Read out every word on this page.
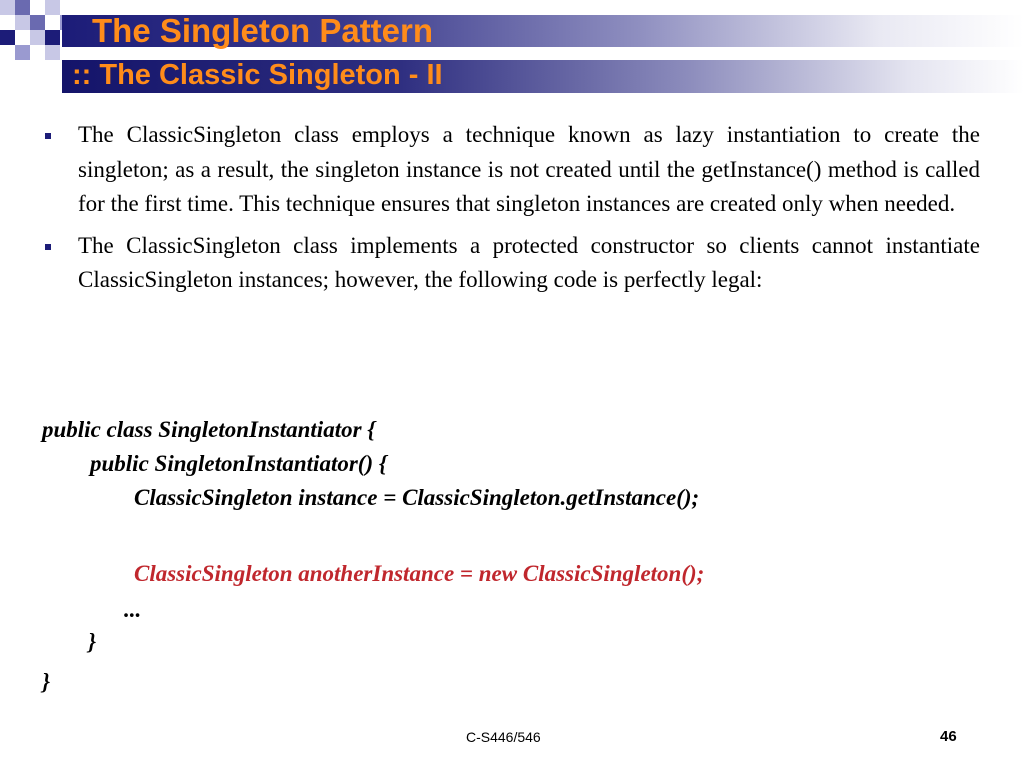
The Singleton Pattern
:: The Classic Singleton - II
The ClassicSingleton class employs a technique known as lazy instantiation to create the singleton; as a result, the singleton instance is not created until the getInstance() method is called for the first time. This technique ensures that singleton instances are created only when needed.
The ClassicSingleton class implements a protected constructor so clients cannot instantiate ClassicSingleton instances; however, the following code is perfectly legal:
public class SingletonInstantiator {
public SingletonInstantiator() {
ClassicSingleton instance = ClassicSingleton.getInstance();
ClassicSingleton anotherInstance = new ClassicSingleton();
...
}
}
C-S446/546	46
